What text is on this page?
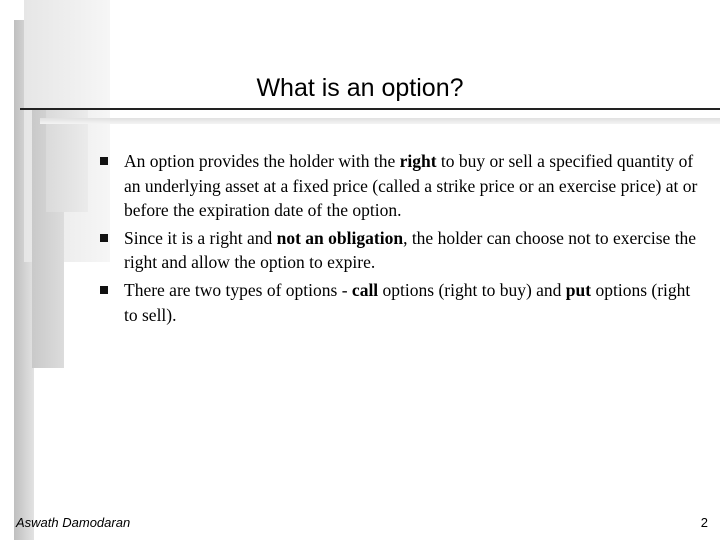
What is an option?
An option provides the holder with the right to buy or sell a specified quantity of an underlying asset at a fixed price (called a strike price or an exercise price) at or before the expiration date of the option.
Since it is a right and not an obligation, the holder can choose not to exercise the right and allow the option to expire.
There are two types of options - call options (right to buy) and put options (right to sell).
Aswath Damodaran	2
